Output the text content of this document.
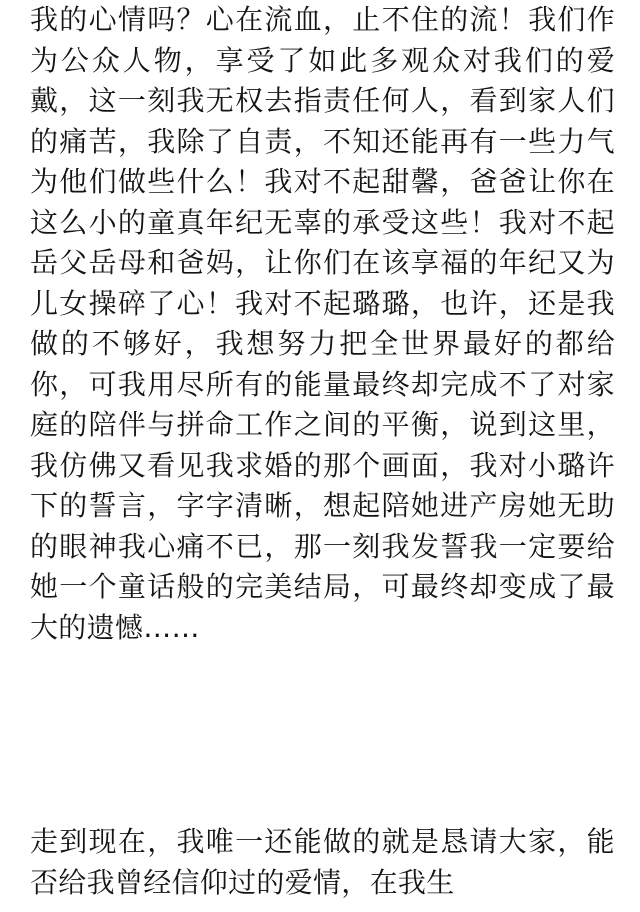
我的心情吗？心在流血，止不住的流！我们作为公众人物，享受了如此多观众对我们的爱戴，这一刻我无权去指责任何人，看到家人们的痛苦，我除了自责，不知还能再有一些力气为他们做些什么！我对不起甜馨，爸爸让你在这么小的童真年纪无辜的承受这些！我对不起岳父岳母和爸妈，让你们在该享福的年纪又为儿女操碎了心！我对不起璐璐，也许，还是我做的不够好，我想努力把全世界最好的都给你，可我用尽所有的能量最终却完成不了对家庭的陪伴与拼命工作之间的平衡，说到这里，我仿佛又看见我求婚的那个画面，我对小璐许下的誓言，字字清晰，想起陪她进产房她无助的眼神我心痛不已，那一刻我发誓我一定要给她一个童话般的完美结局，可最终却变成了最大的遗憾……

走到现在，我唯一还能做的就是恳请大家，能否给我曾经信仰过的爱情，在我生
